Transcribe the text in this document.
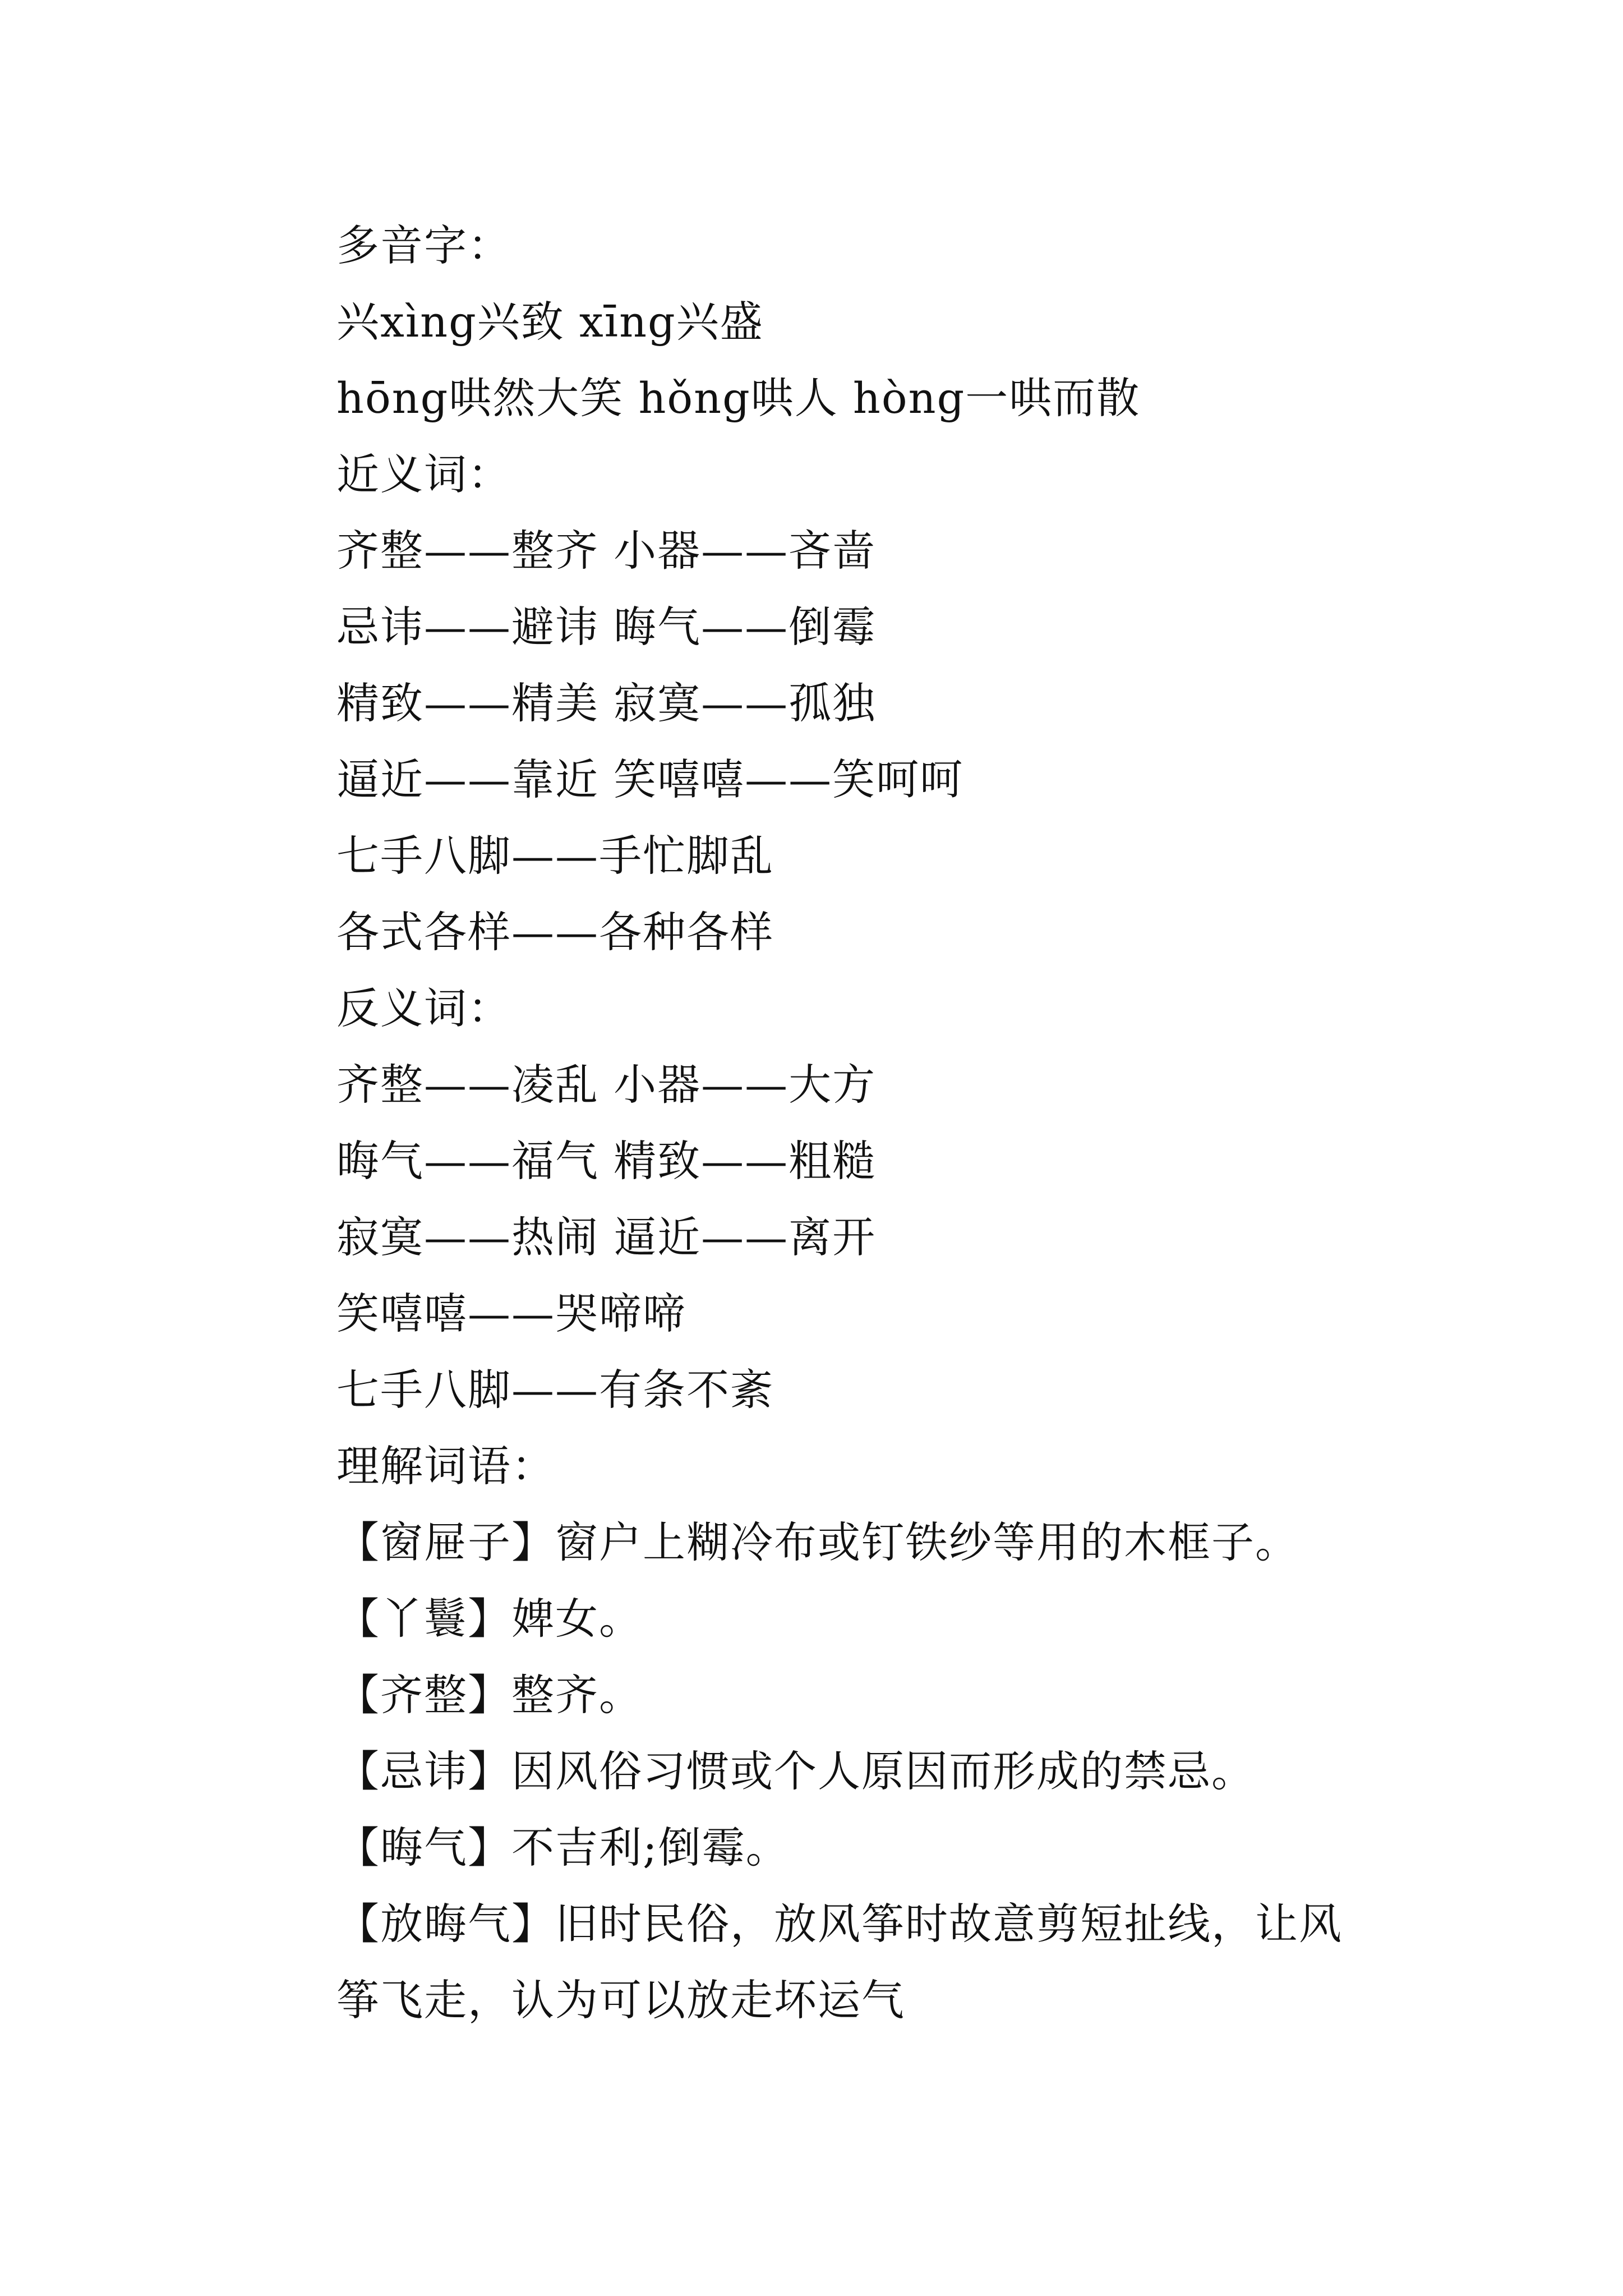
多音字：
兴xìng兴致 xīng兴盛
hōng哄然大笑 hǒng哄人 hòng一哄而散
近义词：
齐整——整齐 小器——吝啬
忌讳——避讳 晦气——倒霉
精致——精美 寂寞——孤独
逼近——靠近 笑嘻嘻——笑呵呵
七手八脚——手忙脚乱
各式各样——各种各样
反义词：
齐整——凌乱 小器——大方
晦气——福气 精致——粗糙
寂寞——热闹 逼近——离开
笑嘻嘻——哭啼啼
七手八脚——有条不紊
理解词语：
【窗屉子】窗户上糊冷布或钉铁纱等用的木框子。
【丫鬟】婢女。
【齐整】整齐。
【忌讳】因风俗习惯或个人原因而形成的禁忌。
【晦气】不吉利;倒霉。
【放晦气】旧时民俗，放风筝时故意剪短扯线，让风筝飞走，认为可以放走坏运气
